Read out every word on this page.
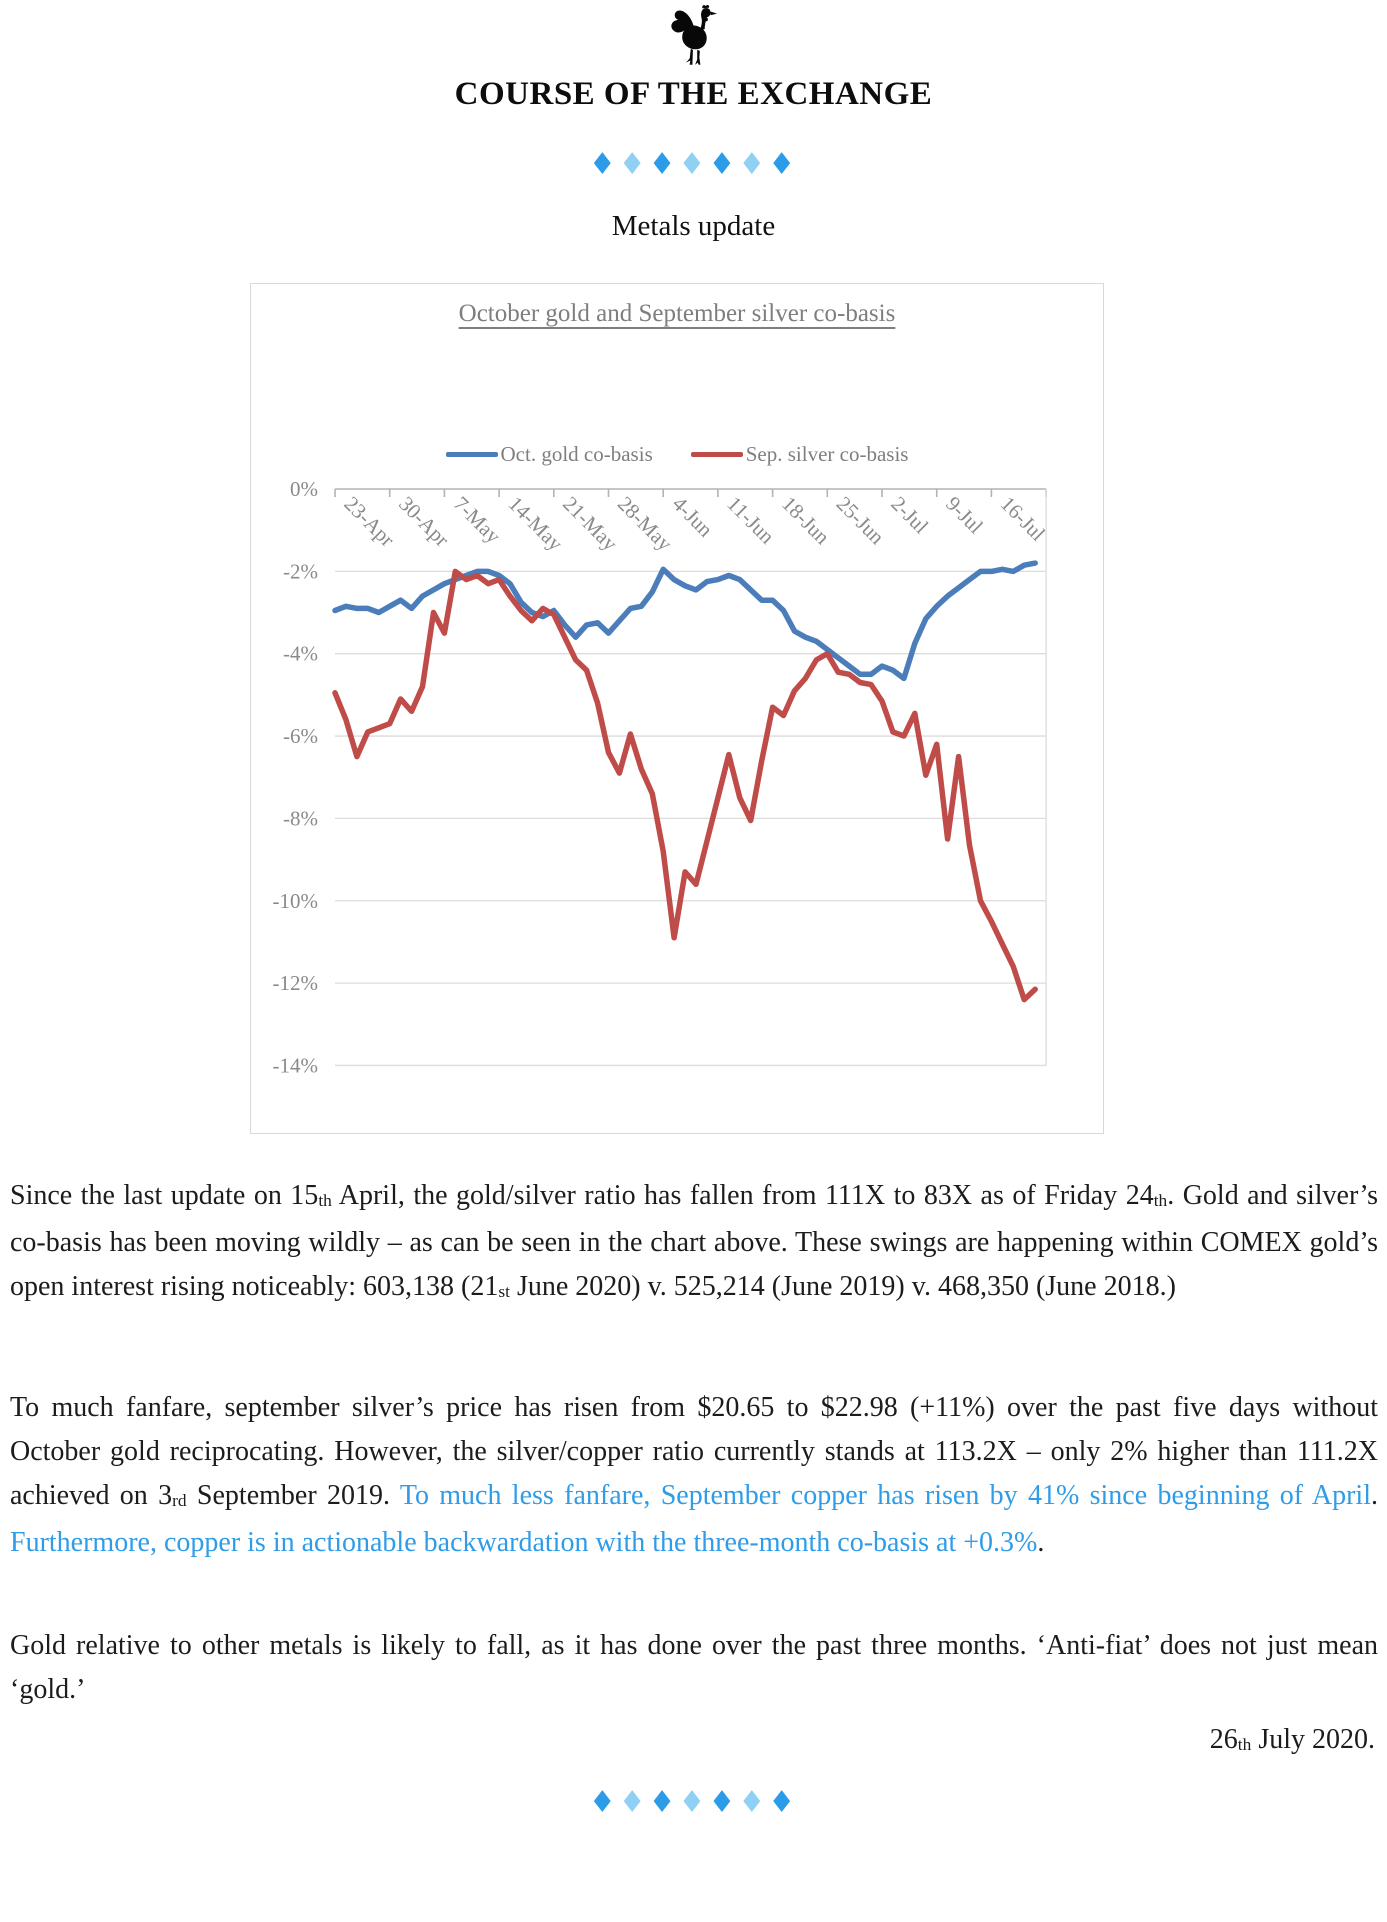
COURSE OF THE EXCHANGE
♦♦♦♦♦♦♦
Metals update
October gold and September silver co-basis
Oct. gold co-basis	Sep. silver co-basis
0%
-2%
-4%
-6%
-8%
-10%
-12%
-14%
23-Apr
30-Apr
7-May
14-May
21-May
28-May
4-Jun 11-Jun
18-Jun
25-Jun
2-Jul 9-Jul 16-Jul

Since the last update on 15th April, the gold/silver ratio has fallen from 111X to 83X as of Friday 24th. Gold and silver’s co-basis has been moving wildly – as can be seen in the chart above. These swings are happening within COMEX gold’s open interest rising noticeably: 603,138 (21st June 2020) v. 525,214 (June 2019) v. 468,350 (June 2018.)

To much fanfare, september silver’s price has risen from $20.65 to $22.98 (+11%) over the past five days without October gold reciprocating. However, the silver/copper ratio currently stands at 113.2X – only 2% higher than 111.2X achieved on 3rd September 2019. To much less fanfare, September copper has risen by 41% since beginning of April. Furthermore, copper is in actionable backwardation with the three-month co-basis at +0.3%.

Gold relative to other metals is likely to fall, as it has done over the past three months. ‘Anti-fiat’ does not just mean ‘gold.’

26th July 2020.
♦♦♦♦♦♦♦
